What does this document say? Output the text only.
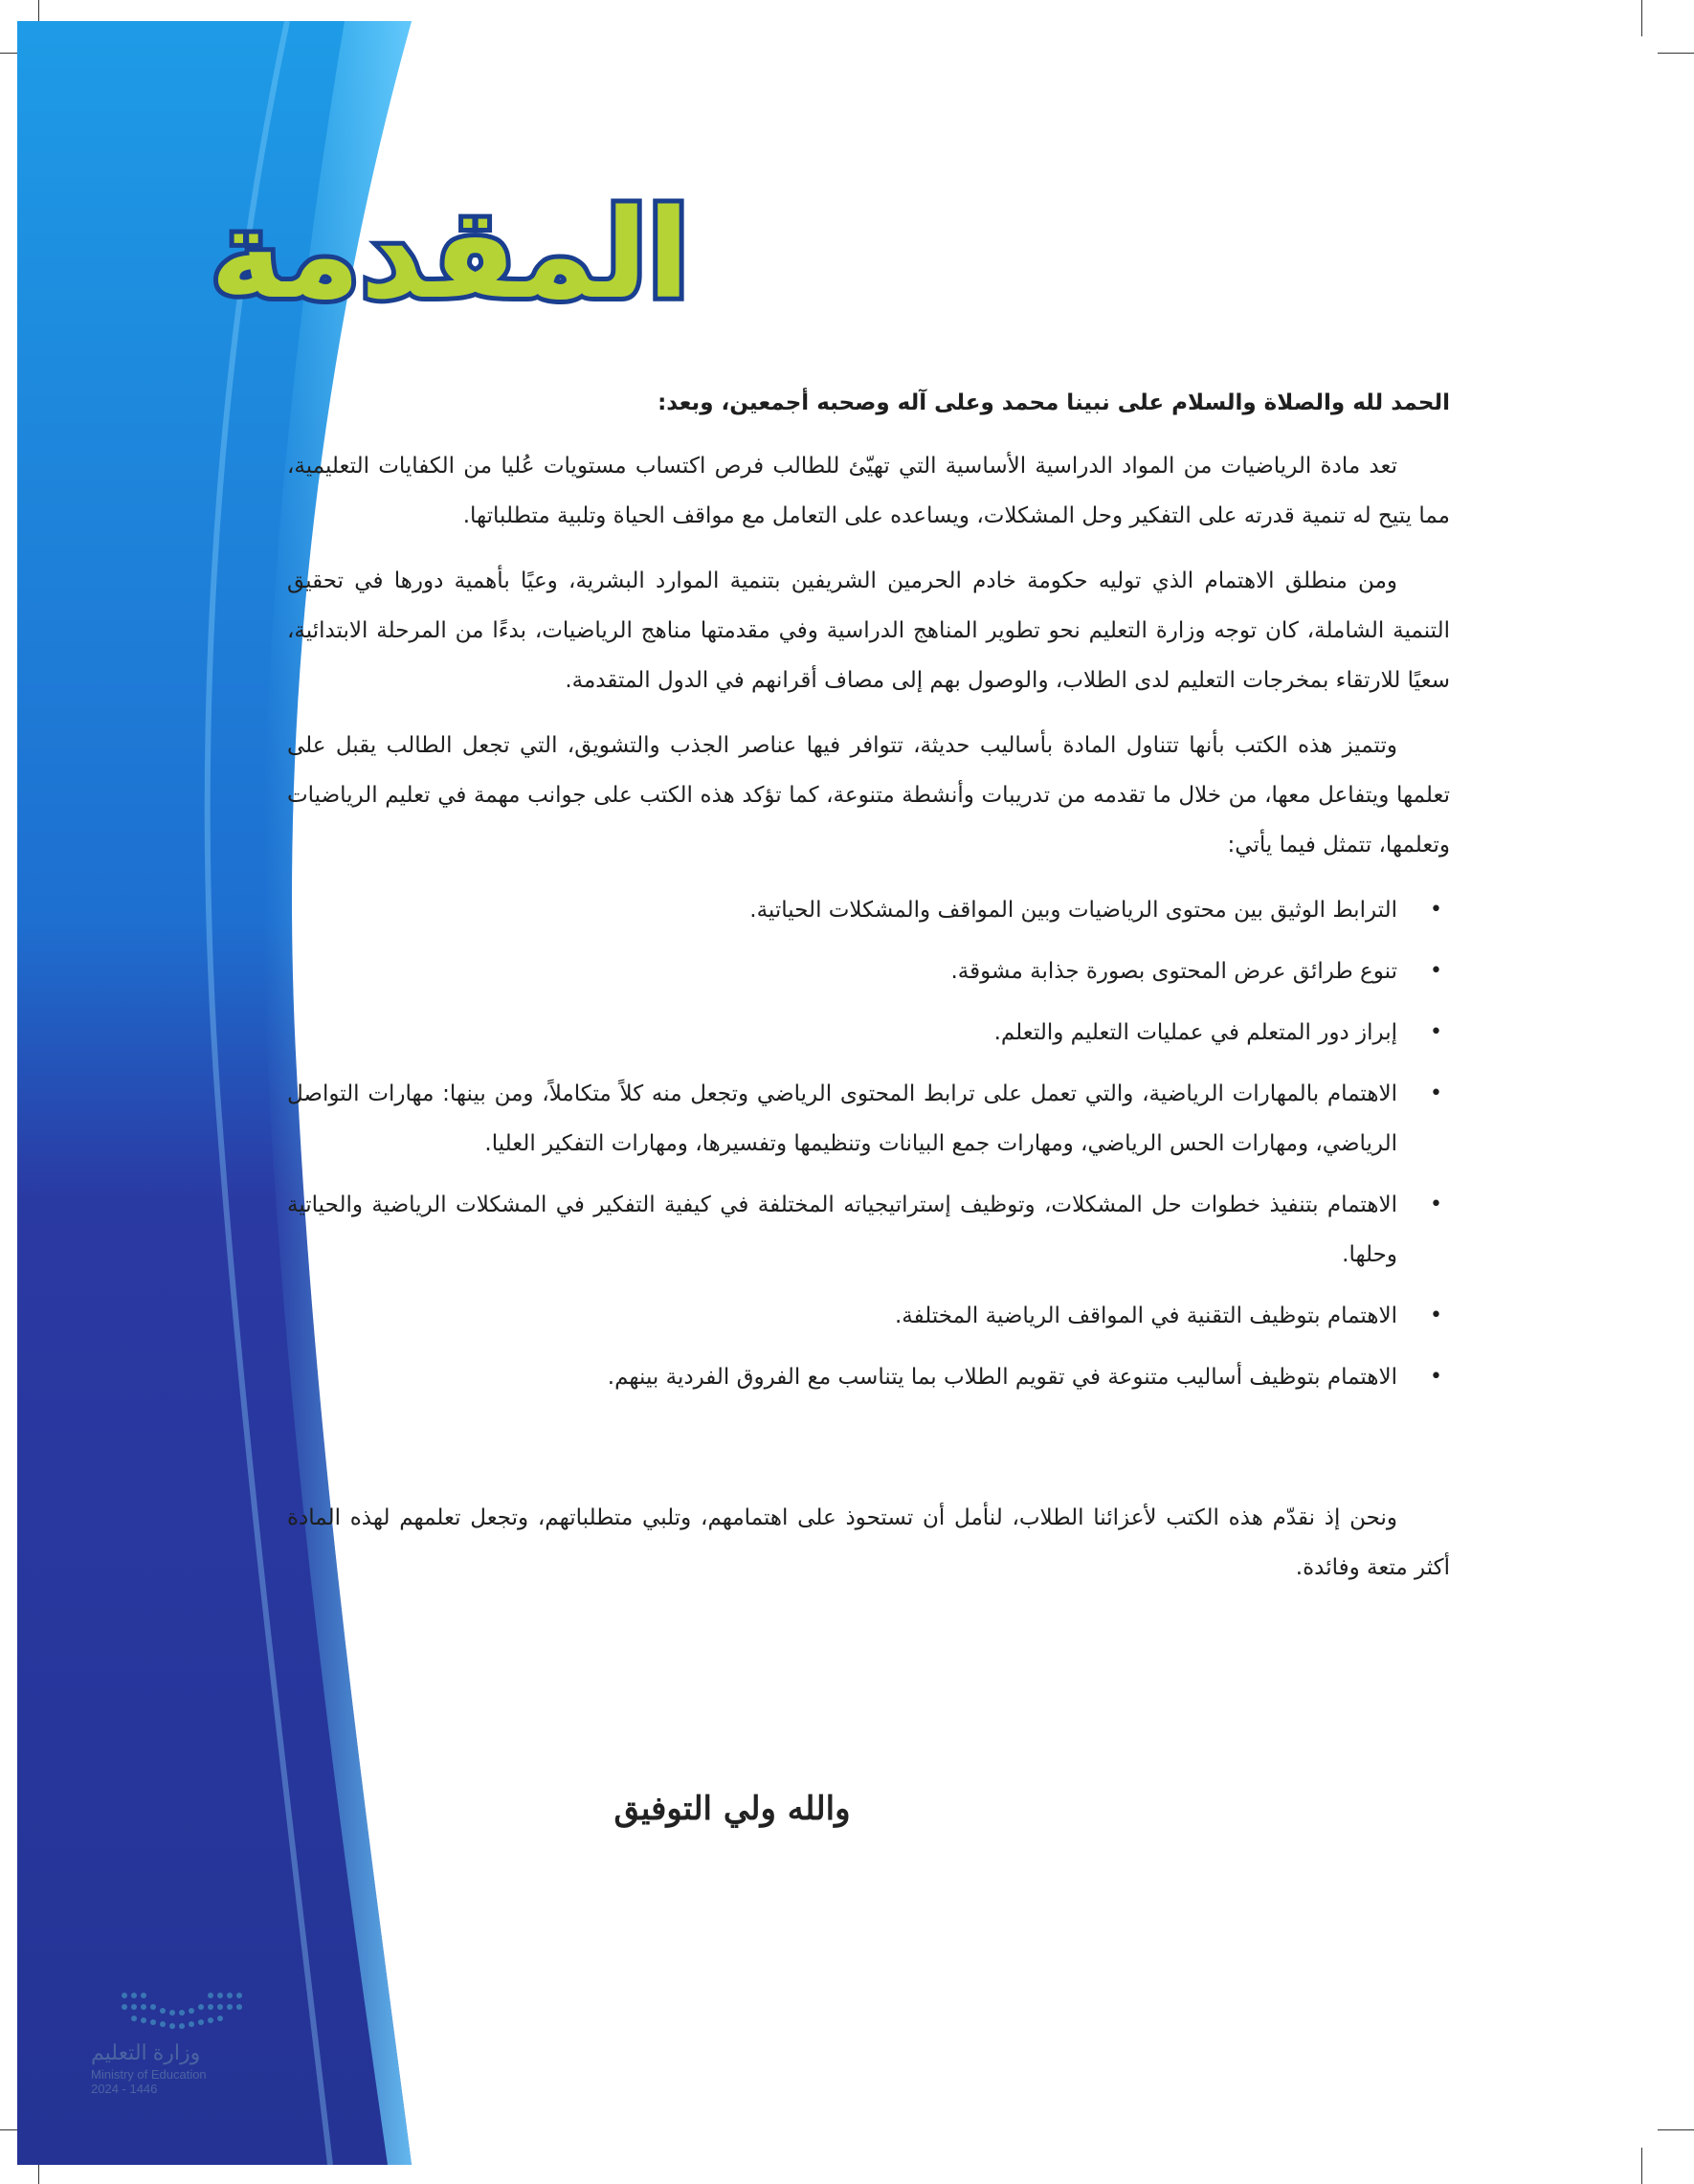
المقدمة

الحمد لله والصلاة والسلام على نبينا محمد وعلى آله وصحبه أجمعين، وبعد:

تعد مادة الرياضيات من المواد الدراسية الأساسية التي تهيّئ للطالب فرص اكتساب مستويات عُليا من الكفايات التعليمية، مما يتيح له تنمية قدرته على التفكير وحل المشكلات، ويساعده على التعامل مع مواقف الحياة وتلبية متطلباتها.

ومن منطلق الاهتمام الذي توليه حكومة خادم الحرمين الشريفين بتنمية الموارد البشرية، وعيًا بأهمية دورها في تحقيق التنمية الشاملة، كان توجه وزارة التعليم نحو تطوير المناهج الدراسية وفي مقدمتها مناهج الرياضيات، بدءًا من المرحلة الابتدائية، سعيًا للارتقاء بمخرجات التعليم لدى الطلاب، والوصول بهم إلى مصاف أقرانهم في الدول المتقدمة.

وتتميز هذه الكتب بأنها تتناول المادة بأساليب حديثة، تتوافر فيها عناصر الجذب والتشويق، التي تجعل الطالب يقبل على تعلمها ويتفاعل معها، من خلال ما تقدمه من تدريبات وأنشطة متنوعة، كما تؤكد هذه الكتب على جوانب مهمة في تعليم الرياضيات وتعلمها، تتمثل فيما يأتي:

•
الترابط الوثيق بين محتوى الرياضيات وبين المواقف والمشكلات الحياتية.
•
تنوع طرائق عرض المحتوى بصورة جذابة مشوقة.
•
إبراز دور المتعلم في عمليات التعليم والتعلم.
•
الاهتمام بالمهارات الرياضية، والتي تعمل على ترابط المحتوى الرياضي وتجعل منه كلاً متكاملاً، ومن بينها: مهارات التواصل الرياضي، ومهارات الحس الرياضي، ومهارات جمع البيانات وتنظيمها وتفسيرها، ومهارات التفكير العليا.
•
الاهتمام بتنفيذ خطوات حل المشكلات، وتوظيف إستراتيجياته المختلفة في كيفية التفكير في المشكلات الرياضية والحياتية وحلها.
•
الاهتمام بتوظيف التقنية في المواقف الرياضية المختلفة.
•
الاهتمام بتوظيف أساليب متنوعة في تقويم الطلاب بما يتناسب مع الفروق الفردية بينهم.

ونحن إذ نقدّم هذه الكتب لأعزائنا الطلاب، لنأمل أن تستحوذ على اهتمامهم، وتلبي متطلباتهم، وتجعل تعلمهم لهذه المادة أكثر متعة وفائدة.

والله ولي التوفيق
وزارة التعليم
Ministry of Education
2024 - 1446
